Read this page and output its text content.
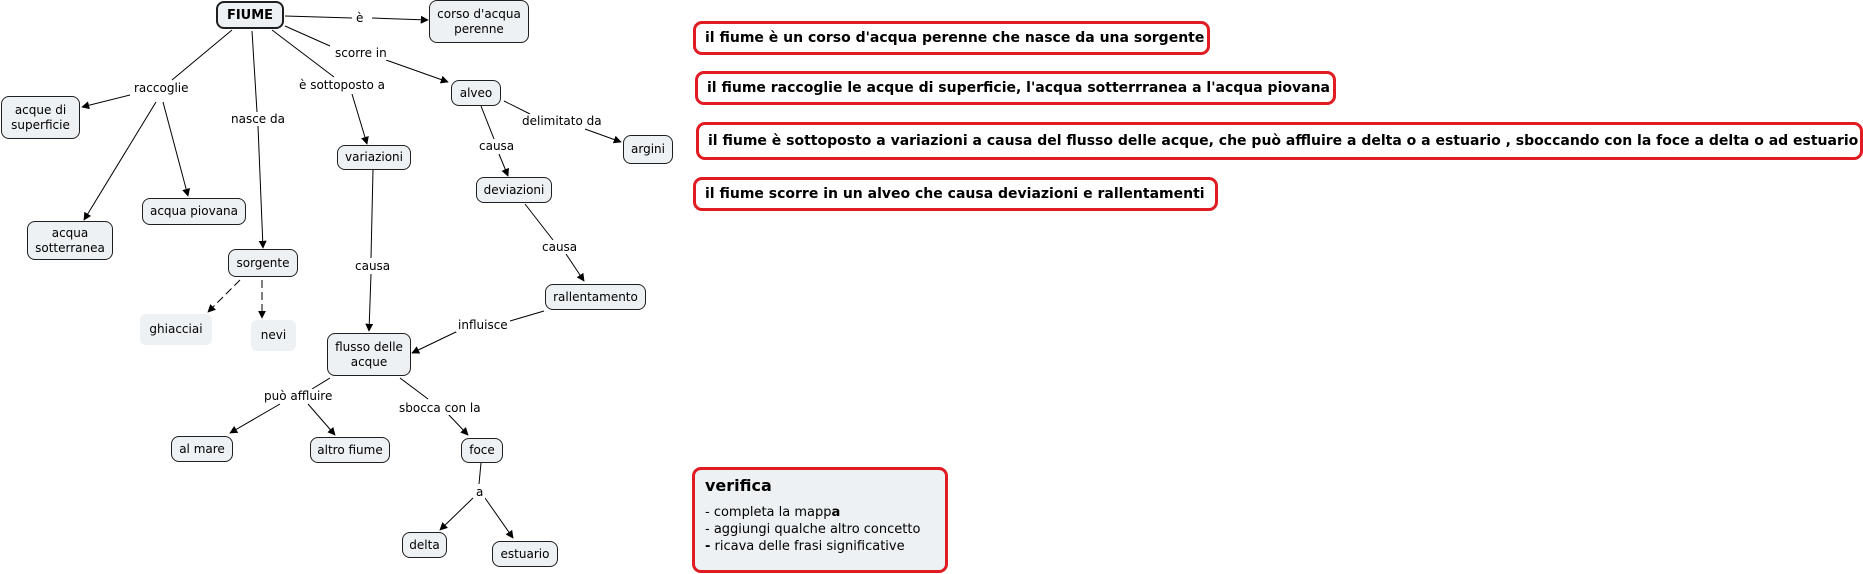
FIUME	corso d'acqua
perenne
acque di
superficie
acqua
sotterranea
acqua piovana
sorgente
ghiacciai	nevi
variazioni
alveo
argini
deviazioni
rallentamento
flusso delle
acque
al mare	altro fiume	foce
delta
estuario
è
raccoglie
nasce da
è sottoposto a
scorre in
delimitato da
causa
causa
causa
influisce
può affluire
sbocca con la
a
il fiume è un corso d'acqua perenne che nasce da una sorgente
il fiume raccoglie le acque di superficie, l'acqua sotterrranea a l'acqua piovana
il fiume è sottoposto a variazioni a causa del flusso delle acque, che può affluire a delta o a estuario , sboccando con la foce a delta o ad estuario
il fiume scorre in un alveo che causa deviazioni e rallentamenti
verifica
- completa la mappa
- aggiungi qualche altro concetto
- ricava delle frasi significative
